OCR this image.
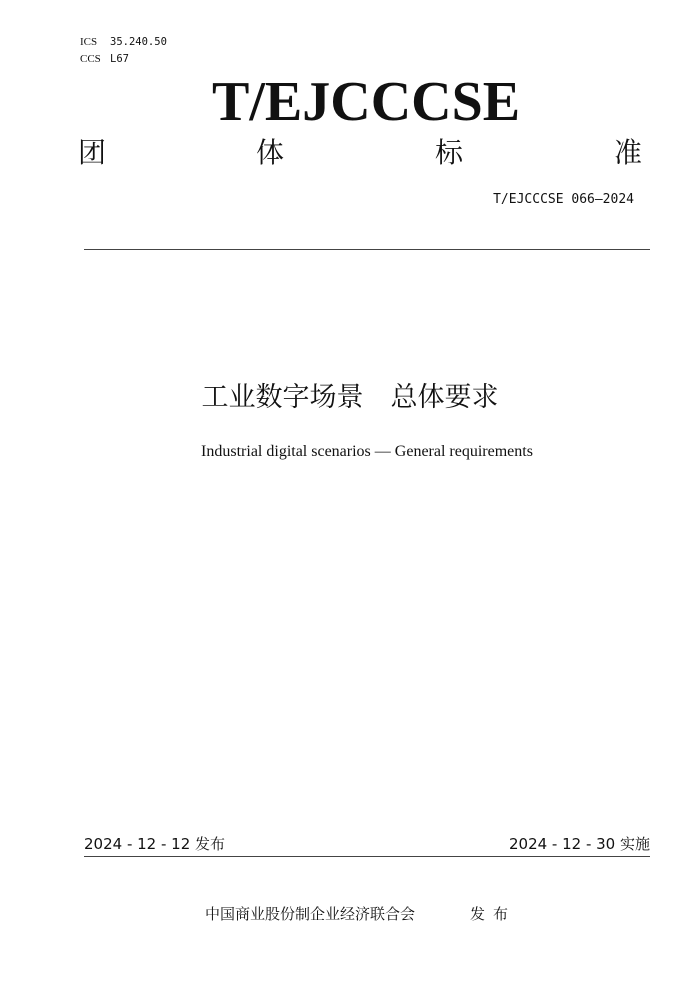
ICS 35.240.50
CCS L67
T/EJCCCSE
团	体	标	准
T/EJCCCSE 066—2024
工业数字场景　总体要求
Industrial digital scenarios — General requirements
2024 - 12 - 12 发布	2024 - 12 - 30 实施
中国商业股份制企业经济联合会	发布
